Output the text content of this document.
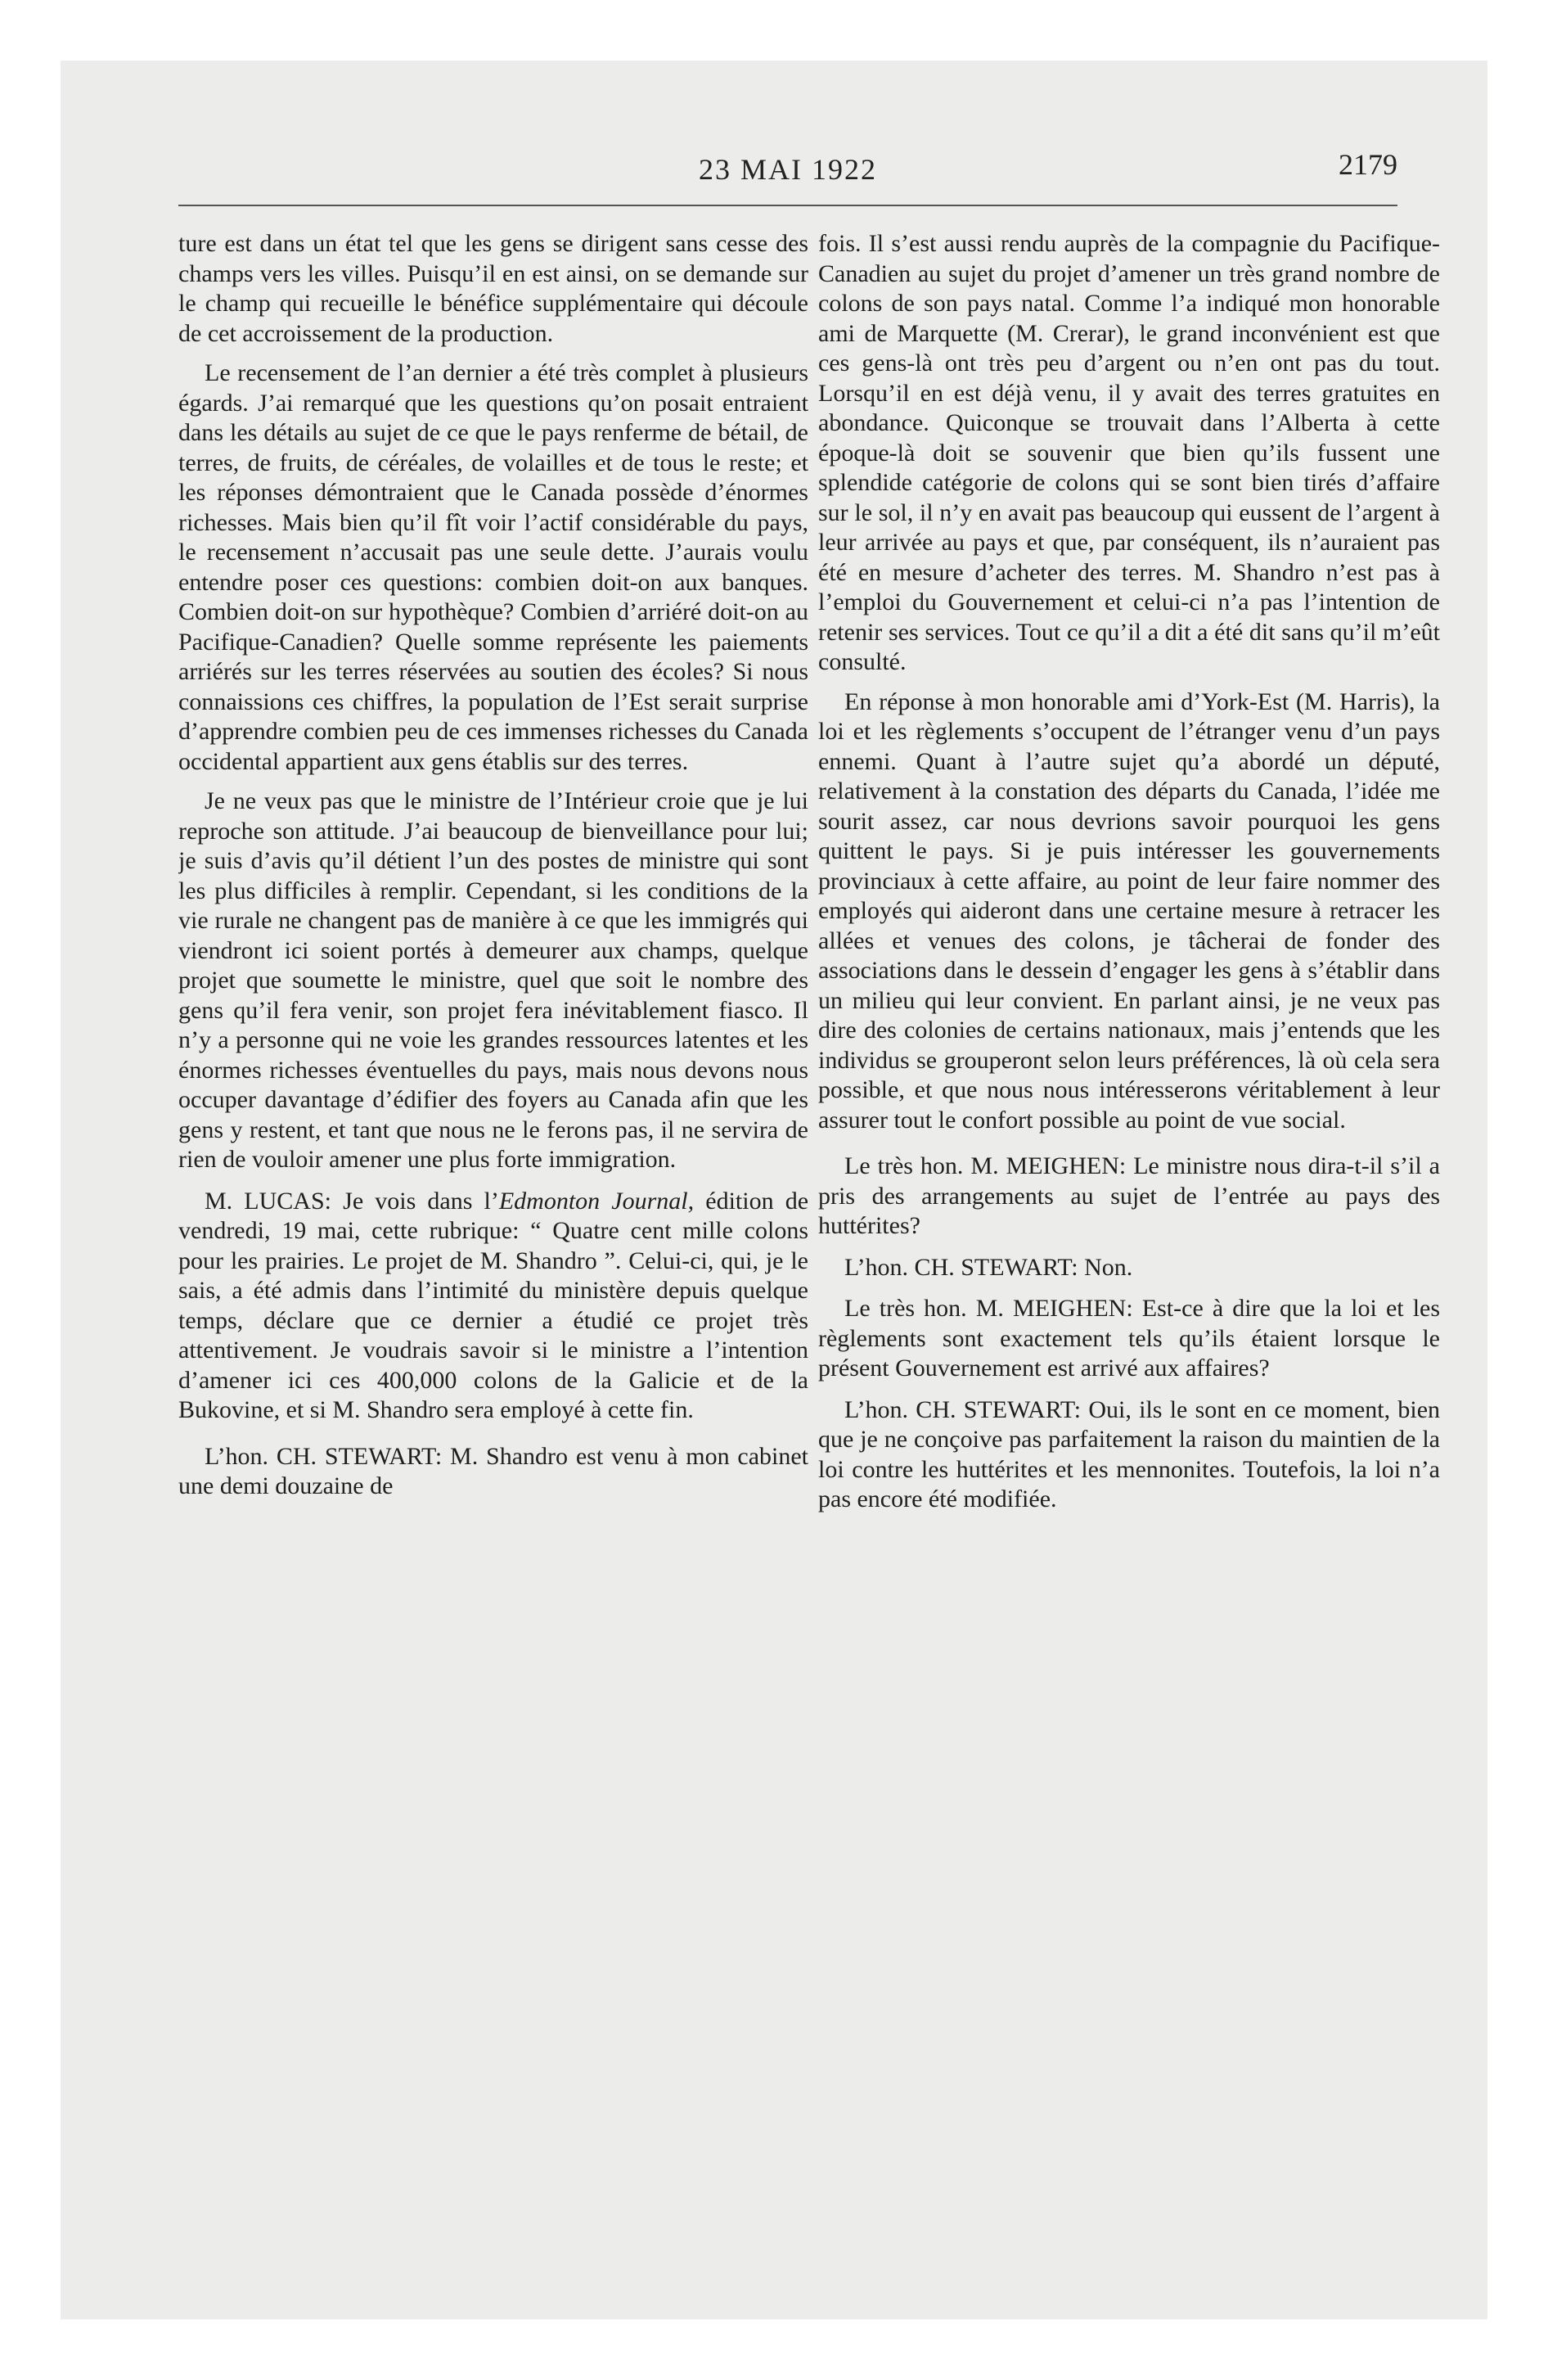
23 MAI 1922	2179

ture est dans un état tel que les gens se dirigent sans cesse des champs vers les villes. Puisqu’il en est ainsi, on se demande sur le champ qui recueille le bénéfice supplémentaire qui découle de cet accroissement de la production.

Le recensement de l’an dernier a été très complet à plusieurs égards. J’ai remarqué que les questions qu’on posait entraient dans les détails au sujet de ce que le pays renferme de bétail, de terres, de fruits, de céréales, de volailles et de tous le reste; et les réponses démontraient que le Canada possède d’énormes richesses. Mais bien qu’il fît voir l’actif considérable du pays, le recensement n’accusait pas une seule dette. J’aurais voulu entendre poser ces questions: combien doit-on aux banques. Combien doit-on sur hypothèque? Combien d’arriéré doit-on au Pacifique-Canadien? Quelle somme représente les paiements arriérés sur les terres réservées au soutien des écoles? Si nous connaissions ces chiffres, la population de l’Est serait surprise d’apprendre combien peu de ces immenses richesses du Canada occidental appartient aux gens établis sur des terres.

Je ne veux pas que le ministre de l’Intérieur croie que je lui reproche son attitude. J’ai beaucoup de bienveillance pour lui; je suis d’avis qu’il détient l’un des postes de ministre qui sont les plus difficiles à remplir. Cependant, si les conditions de la vie rurale ne changent pas de manière à ce que les immigrés qui viendront ici soient portés à demeurer aux champs, quelque projet que soumette le ministre, quel que soit le nombre des gens qu’il fera venir, son projet fera inévitablement fiasco. Il n’y a personne qui ne voie les grandes ressources latentes et les énormes richesses éventuelles du pays, mais nous devons nous occuper davantage d’édifier des foyers au Canada afin que les gens y restent, et tant que nous ne le ferons pas, il ne servira de rien de vouloir amener une plus forte immigration.

M. LUCAS: Je vois dans l’Edmonton Journal, édition de vendredi, 19 mai, cette rubrique: “ Quatre cent mille colons pour les prairies. Le projet de M. Shandro ”. Celui-ci, qui, je le sais, a été admis dans l’intimité du ministère depuis quelque temps, déclare que ce dernier a étudié ce projet très attentivement. Je voudrais savoir si le ministre a l’intention d’amener ici ces 400,000 colons de la Galicie et de la Bukovine, et si M. Shandro sera employé à cette fin.

L’hon. CH. STEWART: M. Shandro est venu à mon cabinet une demi douzaine de

fois. Il s’est aussi rendu auprès de la compagnie du Pacifique-Canadien au sujet du projet d’amener un très grand nombre de colons de son pays natal. Comme l’a indiqué mon honorable ami de Marquette (M. Crerar), le grand inconvénient est que ces gens-là ont très peu d’argent ou n’en ont pas du tout. Lorsqu’il en est déjà venu, il y avait des terres gratuites en abondance. Quiconque se trouvait dans l’Alberta à cette époque-là doit se souvenir que bien qu’ils fussent une splendide catégorie de colons qui se sont bien tirés d’affaire sur le sol, il n’y en avait pas beaucoup qui eussent de l’argent à leur arrivée au pays et que, par conséquent, ils n’auraient pas été en mesure d’acheter des terres. M. Shandro n’est pas à l’emploi du Gouvernement et celui-ci n’a pas l’intention de retenir ses services. Tout ce qu’il a dit a été dit sans qu’il m’eût consulté.

En réponse à mon honorable ami d’York-Est (M. Harris), la loi et les règlements s’occupent de l’étranger venu d’un pays ennemi. Quant à l’autre sujet qu’a abordé un député, relativement à la constation des départs du Canada, l’idée me sourit assez, car nous devrions savoir pourquoi les gens quittent le pays. Si je puis intéresser les gouvernements provinciaux à cette affaire, au point de leur faire nommer des employés qui aideront dans une certaine mesure à retracer les allées et venues des colons, je tâcherai de fonder des associations dans le dessein d’engager les gens à s’établir dans un milieu qui leur convient. En parlant ainsi, je ne veux pas dire des colonies de certains nationaux, mais j’entends que les individus se grouperont selon leurs préférences, là où cela sera possible, et que nous nous intéresserons véritablement à leur assurer tout le confort possible au point de vue social.

Le très hon. M. MEIGHEN: Le ministre nous dira-t-il s’il a pris des arrangements au sujet de l’entrée au pays des huttérites?

L’hon. CH. STEWART: Non.

Le très hon. M. MEIGHEN: Est-ce à dire que la loi et les règlements sont exactement tels qu’ils étaient lorsque le présent Gouvernement est arrivé aux affaires?

L’hon. CH. STEWART: Oui, ils le sont en ce moment, bien que je ne conçoive pas parfaitement la raison du maintien de la loi contre les huttérites et les mennonites. Toutefois, la loi n’a pas encore été modifiée.
